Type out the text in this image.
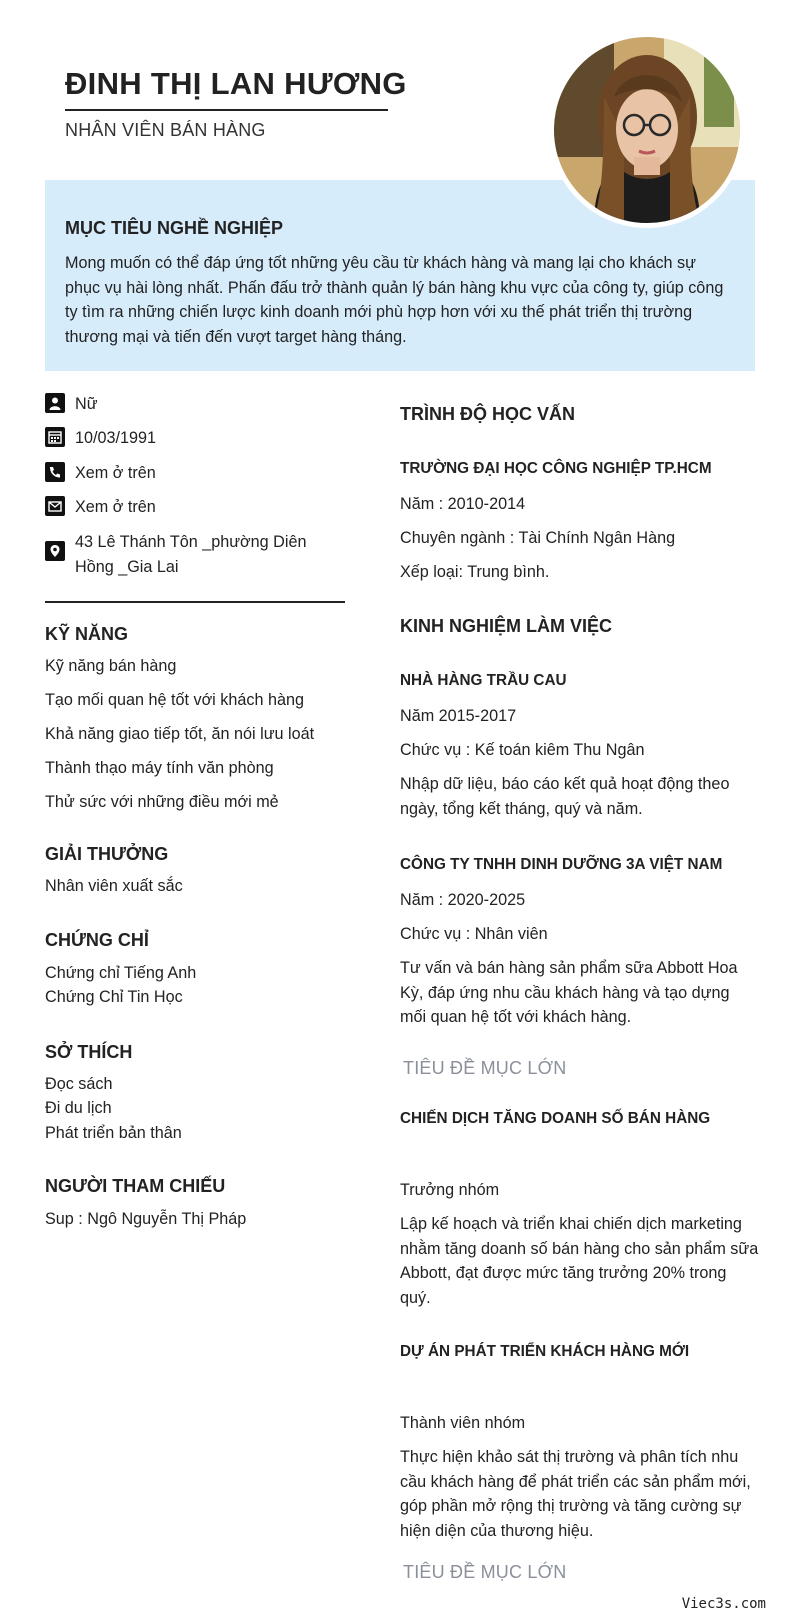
ĐINH THỊ LAN HƯƠNG
NHÂN VIÊN BÁN HÀNG
MỤC TIÊU NGHỀ NGHIỆP

Mong muốn có thể đáp ứng tốt những yêu cầu từ khách hàng và mang lại cho khách sự phục vụ hài lòng nhất. Phấn đấu trở thành quản lý bán hàng khu vực của công ty, giúp công ty tìm ra những chiến lược kinh doanh mới phù hợp hơn với xu thế phát triển thị trường thương mại và tiến đến vượt target hàng tháng.

Nữ
10/03/1991
Xem ở trên
Xem ở trên
43 Lê Thánh Tôn _phường Diên
Hồng _Gia Lai
KỸ NĂNG
Kỹ năng bán hàng
Tạo mối quan hệ tốt với khách hàng
Khả năng giao tiếp tốt, ăn nói lưu loát
Thành thạo máy tính văn phòng
Thử sức với những điều mới mẻ
GIẢI THƯỞNG
Nhân viên xuất sắc
CHỨNG CHỈ
Chứng chỉ Tiếng Anh
Chứng Chỉ Tin Học
SỞ THÍCH
Đọc sách
Đi du lịch
Phát triển bản thân
NGƯỜI THAM CHIẾU
Sup : Ngô Nguyễn Thị Pháp
TRÌNH ĐỘ HỌC VẤN
TRƯỜNG ĐẠI HỌC CÔNG NGHIỆP TP.HCM
Năm : 2010-2014
Chuyên ngành : Tài Chính Ngân Hàng
Xếp loại: Trung bình.
KINH NGHIỆM LÀM VIỆC
NHÀ HÀNG TRẦU CAU
Năm 2015-2017
Chức vụ : Kế toán kiêm Thu Ngân
Nhập dữ liệu, báo cáo kết quả hoạt động theo ngày, tổng kết tháng, quý và năm.
CÔNG TY TNHH DINH DƯỠNG 3A VIỆT NAM
Năm : 2020-2025
Chức vụ : Nhân viên
Tư vấn và bán hàng sản phẩm sữa Abbott Hoa Kỳ, đáp ứng nhu cầu khách hàng và tạo dựng mối quan hệ tốt với khách hàng.
TIÊU ĐỀ MỤC LỚN
CHIẾN DỊCH TĂNG DOANH SỐ BÁN HÀNG
Trưởng nhóm
Lập kế hoạch và triển khai chiến dịch marketing nhằm tăng doanh số bán hàng cho sản phẩm sữa Abbott, đạt được mức tăng trưởng 20% trong quý.
DỰ ÁN PHÁT TRIỂN KHÁCH HÀNG MỚI
Thành viên nhóm
Thực hiện khảo sát thị trường và phân tích nhu cầu khách hàng để phát triển các sản phẩm mới, góp phần mở rộng thị trường và tăng cường sự hiện diện của thương hiệu.
TIÊU ĐỀ MỤC LỚN
Viec3s.com
